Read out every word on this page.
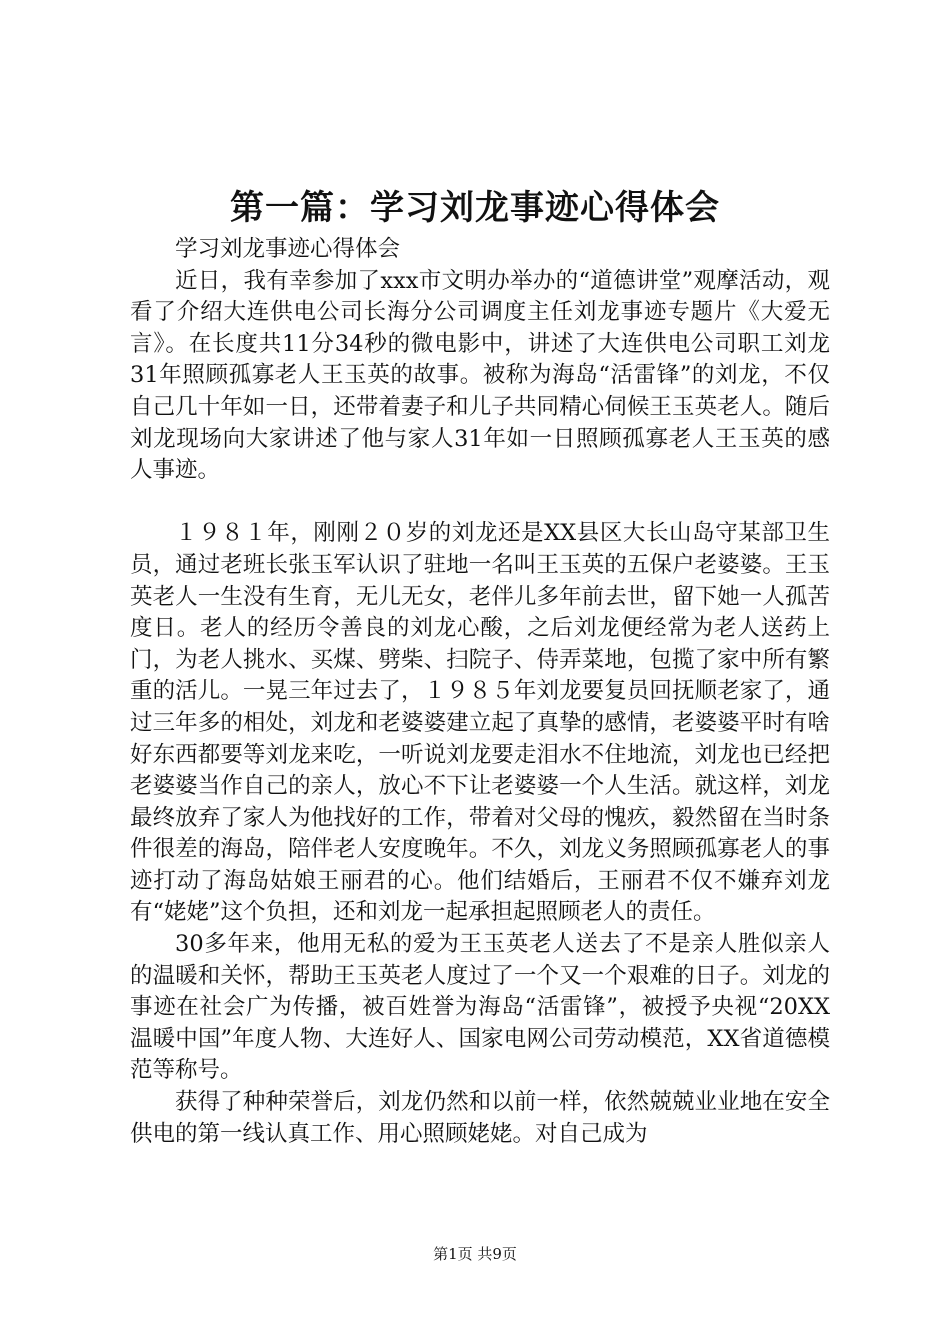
第一篇：学习刘龙事迹心得体会

学习刘龙事迹心得体会

近日，我有幸参加了xxx市文明办举办的“道德讲堂”观摩活动，观看了介绍大连供电公司长海分公司调度主任刘龙事迹专题片《大爱无言》。在长度共11分34秒的微电影中，讲述了大连供电公司职工刘龙31年照顾孤寡老人王玉英的故事。被称为海岛“活雷锋”的刘龙，不仅自己几十年如一日，还带着妻子和儿子共同精心伺候王玉英老人。随后刘龙现场向大家讲述了他与家人31年如一日照顾孤寡老人王玉英的感人事迹。

１９８１年，刚刚２０岁的刘龙还是XX县区大长山岛守某部卫生员，通过老班长张玉军认识了驻地一名叫王玉英的五保户老婆婆。王玉英老人一生没有生育，无儿无女，老伴儿多年前去世，留下她一人孤苦度日。老人的经历令善良的刘龙心酸，之后刘龙便经常为老人送药上门，为老人挑水、买煤、劈柴、扫院子、侍弄菜地，包揽了家中所有繁重的活儿。一晃三年过去了，１９８５年刘龙要复员回抚顺老家了，通过三年多的相处，刘龙和老婆婆建立起了真挚的感情，老婆婆平时有啥好东西都要等刘龙来吃，一听说刘龙要走泪水不住地流，刘龙也已经把老婆婆当作自己的亲人，放心不下让老婆婆一个人生活。就这样，刘龙最终放弃了家人为他找好的工作，带着对父母的愧疚，毅然留在当时条件很差的海岛，陪伴老人安度晚年。不久，刘龙义务照顾孤寡老人的事迹打动了海岛姑娘王丽君的心。他们结婚后，王丽君不仅不嫌弃刘龙有“姥姥”这个负担，还和刘龙一起承担起照顾老人的责任。

30多年来，他用无私的爱为王玉英老人送去了不是亲人胜似亲人的温暖和关怀，帮助王玉英老人度过了一个又一个艰难的日子。刘龙的事迹在社会广为传播，被百姓誉为海岛“活雷锋”，被授予央视“20XX温暖中国”年度人物、大连好人、国家电网公司劳动模范，XX省道德模范等称号。

获得了种种荣誉后，刘龙仍然和以前一样，依然兢兢业业地在安全供电的第一线认真工作、用心照顾姥姥。对自己成为

第1页 共9页
